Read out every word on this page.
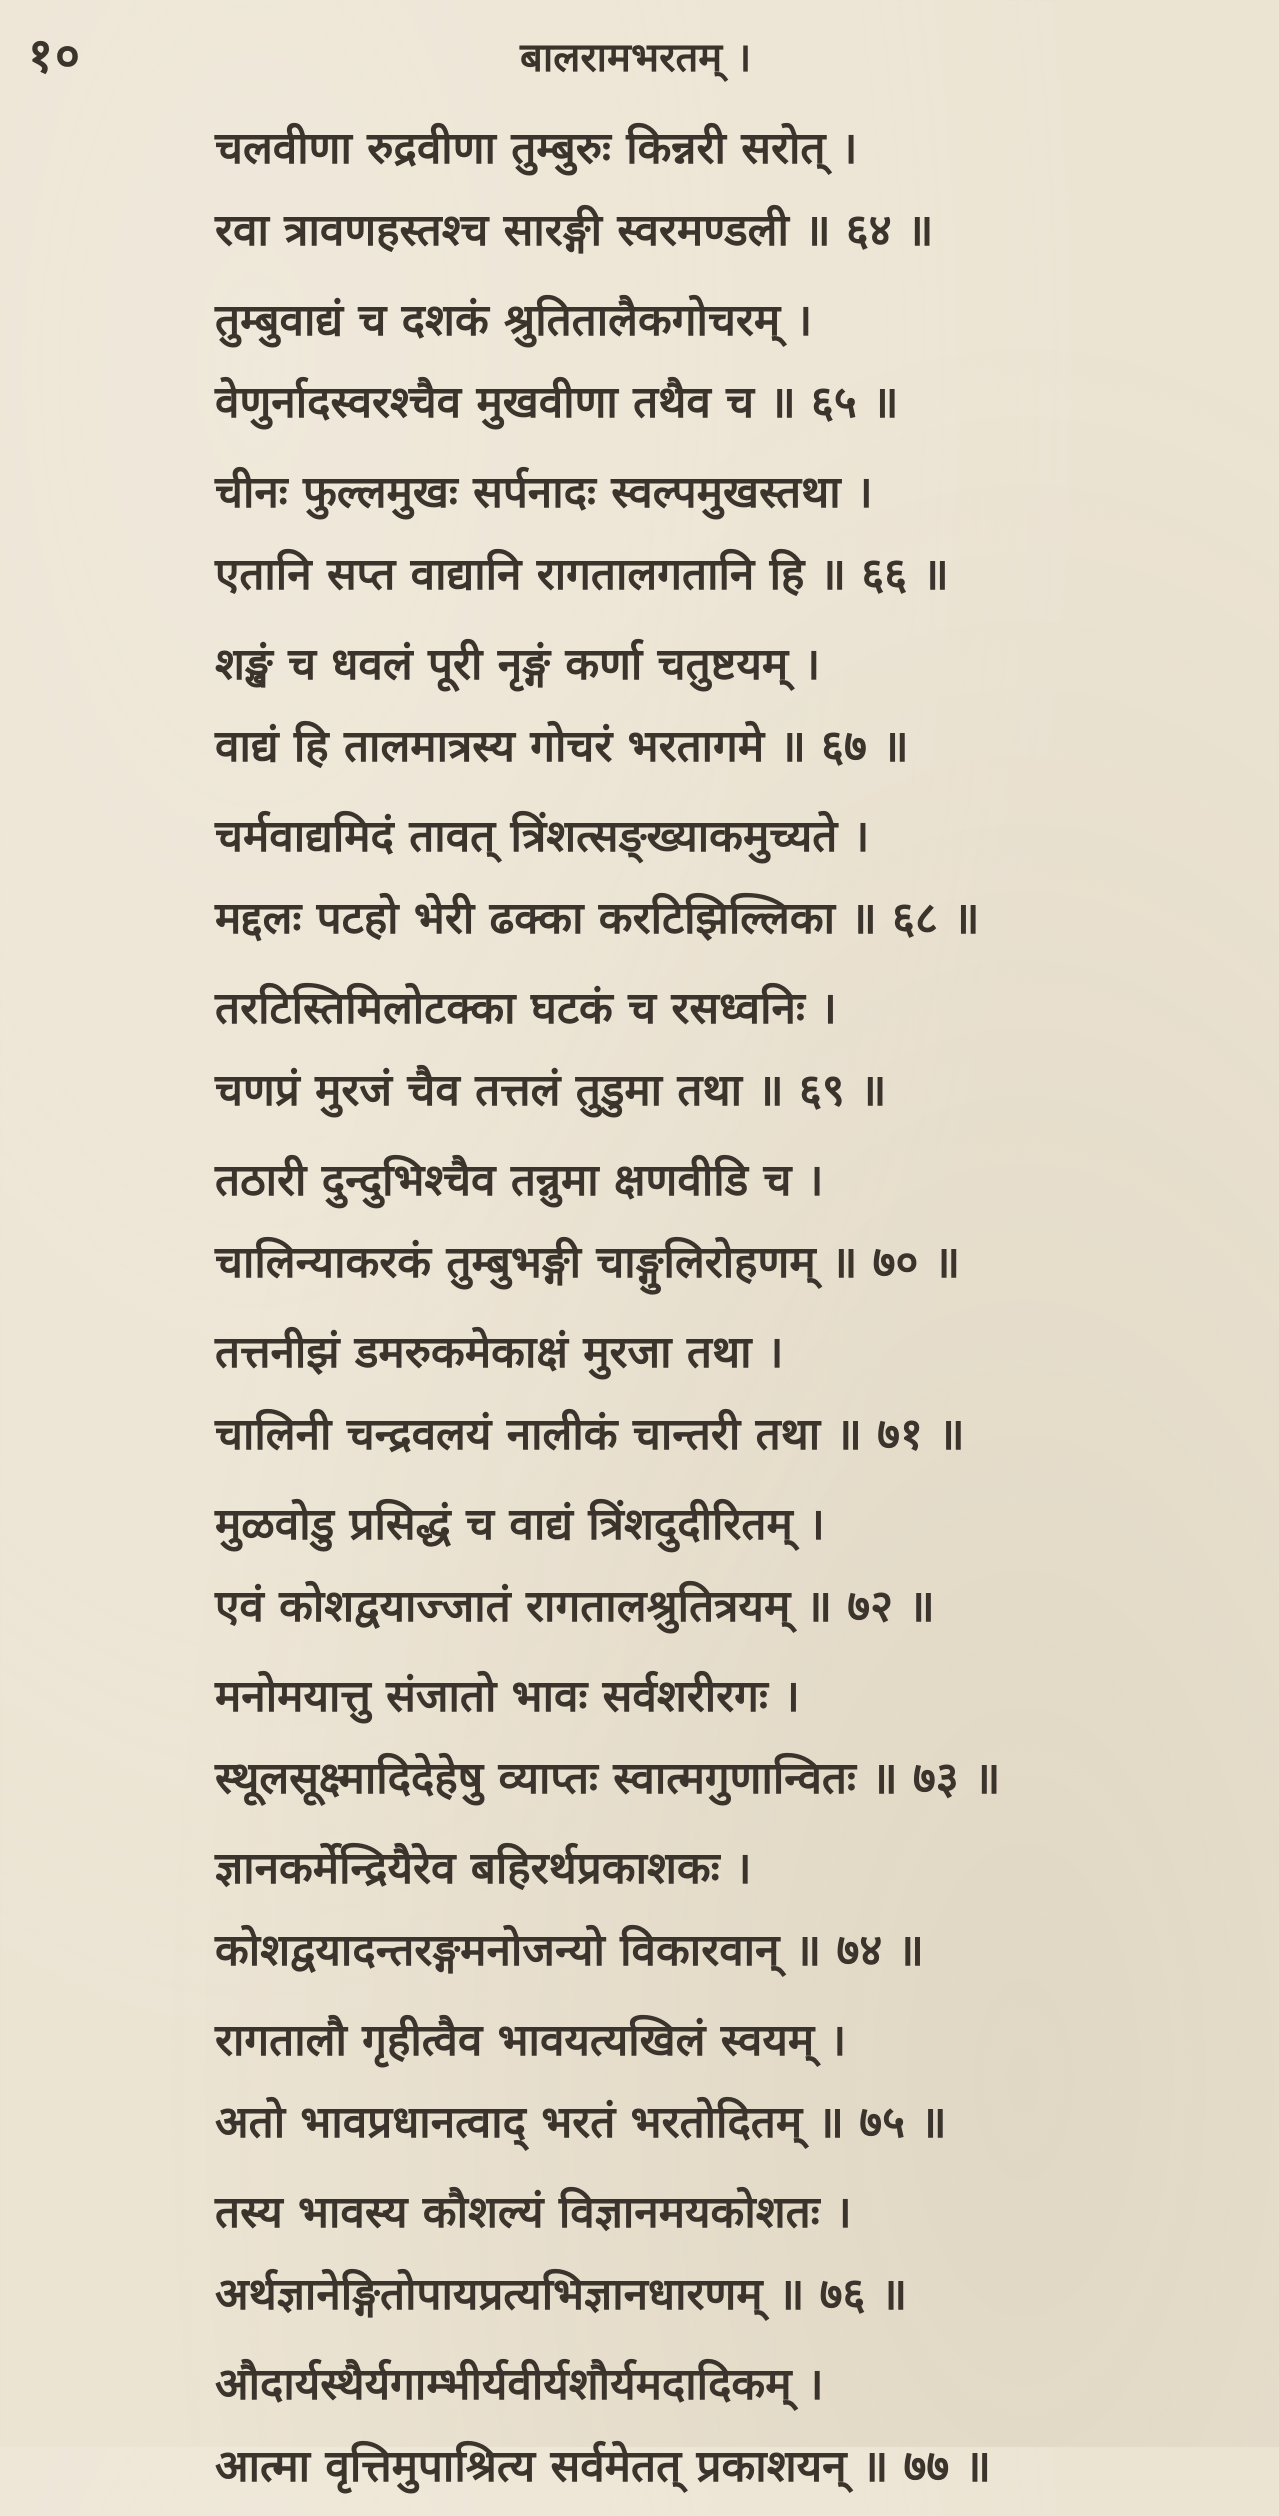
१०	बालरामभरतम् ।
चलवीणा रुद्रवीणा तुम्बुरुः किन्नरी सरोत् ।
रवा त्रावणहस्तश्च सारङ्गी स्वरमण्डली ॥ ६४ ॥
तुम्बुवाद्यं च दशकं श्रुतितालैकगोचरम् ।
वेणुर्नादस्वरश्चैव मुखवीणा तथैव च ॥ ६५ ॥
चीनः फुल्लमुखः सर्पनादः स्वल्पमुखस्तथा ।
एतानि सप्त वाद्यानि रागतालगतानि हि ॥ ६६ ॥
शङ्खं च धवलं पूरी नृङ्गं कर्णा चतुष्टयम् ।
वाद्यं हि तालमात्रस्य गोचरं भरतागमे ॥ ६७ ॥
चर्मवाद्यमिदं तावत् त्रिंशत्सङ्ख्याकमुच्यते ।
मद्दलः पटहो भेरी ढक्का करटिझिल्लिका ॥ ६८ ॥
तरटिस्तिमिलोटक्का घटकं च रसध्वनिः ।
चणप्रं मुरजं चैव तत्तलं तुडुमा तथा ॥ ६९ ॥
तठारी दुन्दुभिश्चैव तन्नुमा क्षणवीडि च ।
चालिन्याकरकं तुम्बुभङ्गी चाङ्गुलिरोहणम् ॥ ७० ॥
तत्तनीझं डमरुकमेकाक्षं मुरजा तथा ।
चालिनी चन्द्रवलयं नालीकं चान्तरी तथा ॥ ७१ ॥
मुळवोडु प्रसिद्धं च वाद्यं त्रिंशदुदीरितम् ।
एवं कोशद्वयाज्जातं रागतालश्रुतित्रयम् ॥ ७२ ॥
मनोमयात्तु संजातो भावः सर्वशरीरगः ।
स्थूलसूक्ष्मादिदेहेषु व्याप्तः स्वात्मगुणान्वितः ॥ ७३ ॥
ज्ञानकर्मेन्द्रियैरेव बहिरर्थप्रकाशकः ।
कोशद्वयादन्तरङ्गमनोजन्यो विकारवान् ॥ ७४ ॥
रागतालौ गृहीत्वैव भावयत्यखिलं स्वयम् ।
अतो भावप्रधानत्वाद् भरतं भरतोदितम् ॥ ७५ ॥
तस्य भावस्य कौशल्यं विज्ञानमयकोशतः ।
अर्थज्ञानेङ्गितोपायप्रत्यभिज्ञानधारणम् ॥ ७६ ॥
औदार्यस्थैर्यगाम्भीर्यवीर्यशौर्यमदादिकम् ।
आत्मा वृत्तिमुपाश्रित्य सर्वमेतत् प्रकाशयन् ॥ ७७ ॥
